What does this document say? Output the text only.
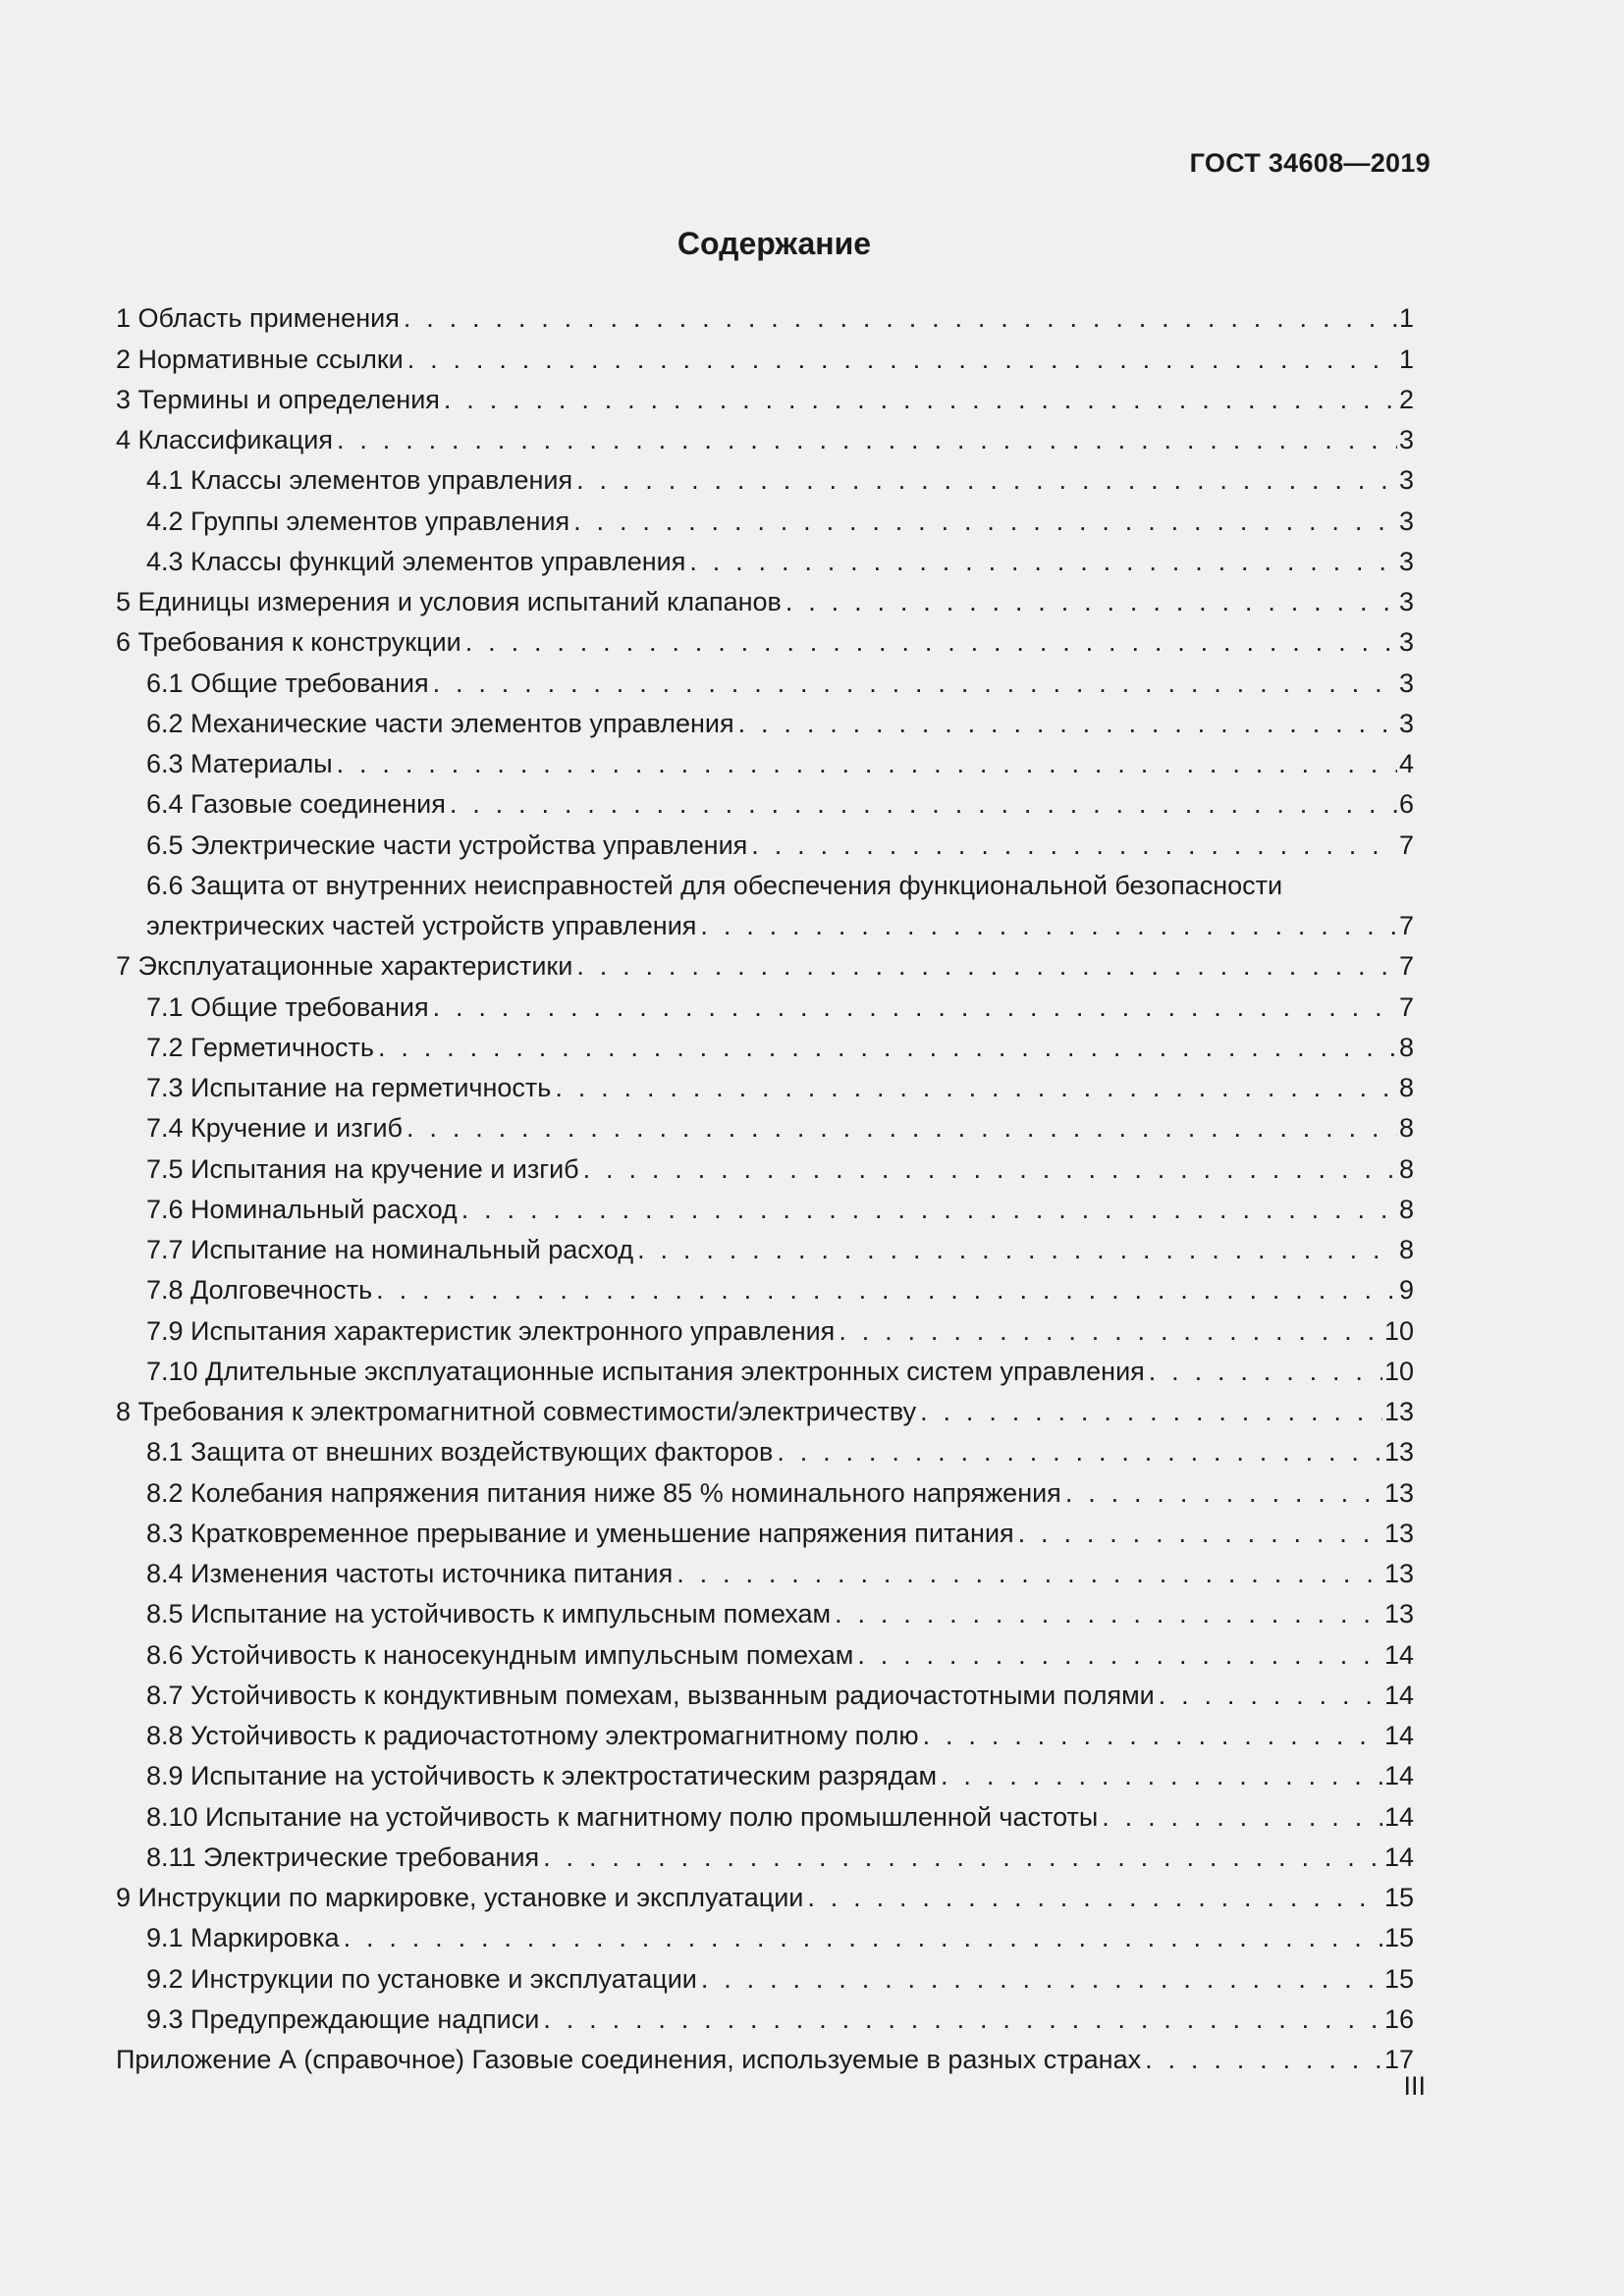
ГОСТ 34608—2019
Содержание
1 Область применения . . .	1
2 Нормативные ссылки . . .	1
3 Термины и определения . . .	2
4 Классификация . . .	3
4.1 Классы элементов управления . . .	3
4.2 Группы элементов управления . . .	3
4.3 Классы функций элементов управления . . .	3
5 Единицы измерения и условия испытаний клапанов . . .	3
6 Требования к конструкции . . .	3
6.1 Общие требования . . .	3
6.2 Механические части элементов управления . . .	3
6.3 Материалы . . .	4
6.4 Газовые соединения . . .	6
6.5 Электрические части устройства управления . . .	7
6.6 Защита от внутренних неисправностей для обеспечения функциональной безопасности
электрических частей устройств управления . . .	7
7 Эксплуатационные характеристики . . .	7
7.1 Общие требования . . .	7
7.2 Герметичность . . .	8
7.3 Испытание на герметичность . . .	8
7.4 Кручение и изгиб . . .	8
7.5 Испытания на кручение и изгиб . . .	8
7.6 Номинальный расход . . .	8
7.7 Испытание на номинальный расход . . .	8
7.8 Долговечность . . .	9
7.9 Испытания характеристик электронного управления . . .	10
7.10 Длительные эксплуатационные испытания электронных систем управления . . .	10
8 Требования к электромагнитной совместимости/электричеству . . .	13
8.1 Защита от внешних воздействующих факторов . . .	13
8.2 Колебания напряжения питания ниже 85 % номинального напряжения . . .	13
8.3 Кратковременное прерывание и уменьшение напряжения питания . . .	13
8.4 Изменения частоты источника питания . . .	13
8.5 Испытание на устойчивость к импульсным помехам . . .	13
8.6 Устойчивость к наносекундным импульсным помехам . . .	14
8.7 Устойчивость к кондуктивным помехам, вызванным радиочастотными полями . . .	14
8.8 Устойчивость к радиочастотному электромагнитному полю . . .	14
8.9 Испытание на устойчивость к электростатическим разрядам . . .	14
8.10 Испытание на устойчивость к магнитному полю промышленной частоты . . .	14
8.11 Электрические требования . . .	14
9 Инструкции по маркировке, установке и эксплуатации . . .	15
9.1 Маркировка . . .	15
9.2 Инструкции по установке и эксплуатации . . .	15
9.3 Предупреждающие надписи . . .	16
Приложение А (справочное) Газовые соединения, используемые в разных странах . . .	17
III
